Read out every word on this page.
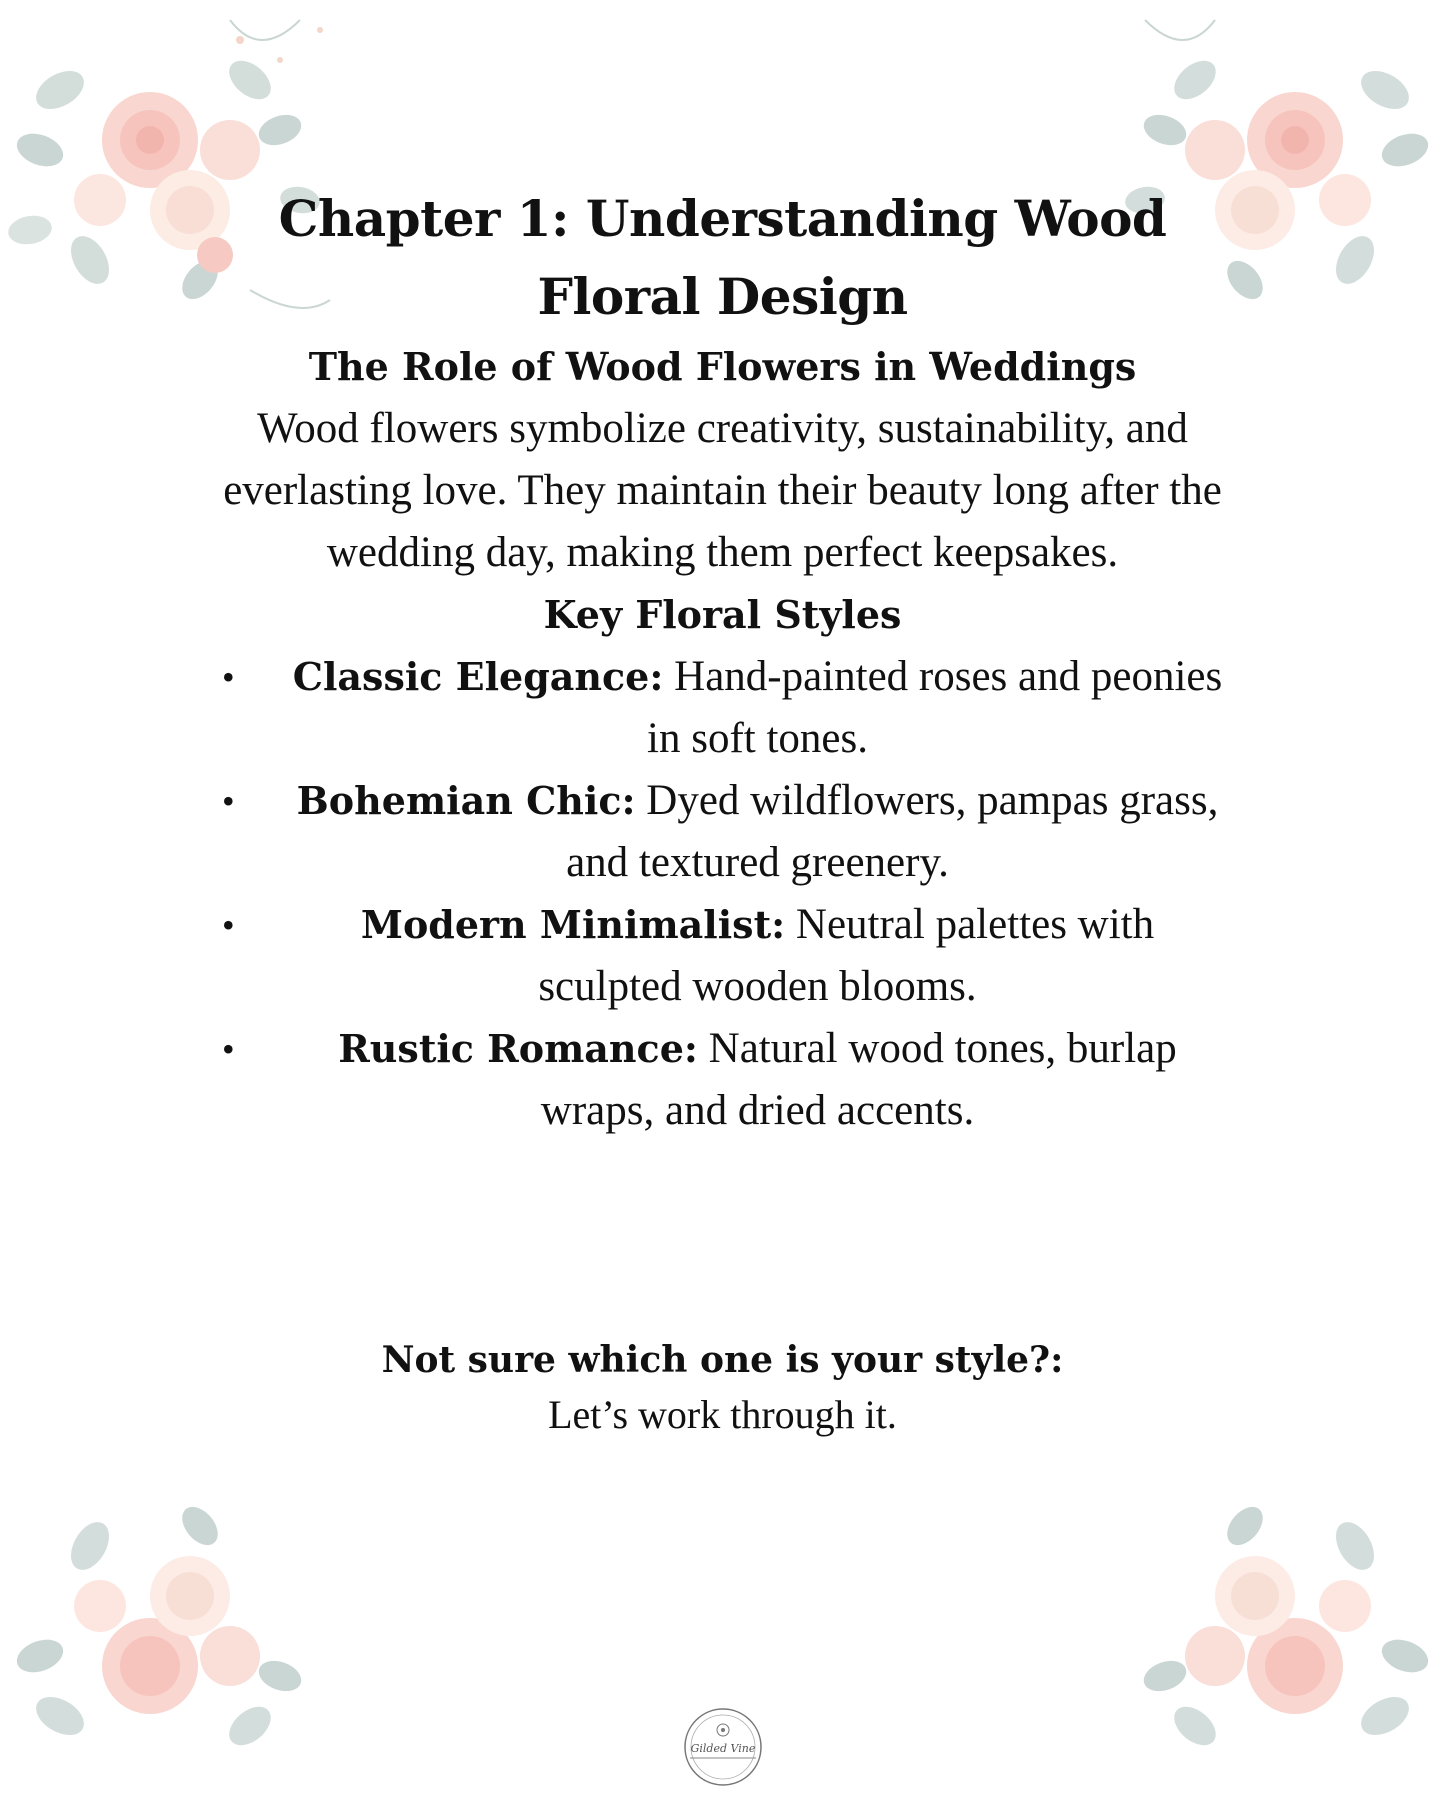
Chapter 1: Understanding Wood Floral Design
The Role of Wood Flowers in Weddings

Wood flowers symbolize creativity, sustainability, and everlasting love. They maintain their beauty long after the wedding day, making them perfect keepsakes.

Key Floral Styles
• Classic Elegance: Hand-painted roses and peonies in soft tones.
• Bohemian Chic: Dyed wildflowers, pampas grass, and textured greenery.
•	Modern Minimalist: Neutral palettes with sculpted wooden blooms.
•	Rustic Romance: Natural wood tones, burlap wraps, and dried accents.
Not sure which one is your style?:
Let’s work through it.
Gilded Vine
